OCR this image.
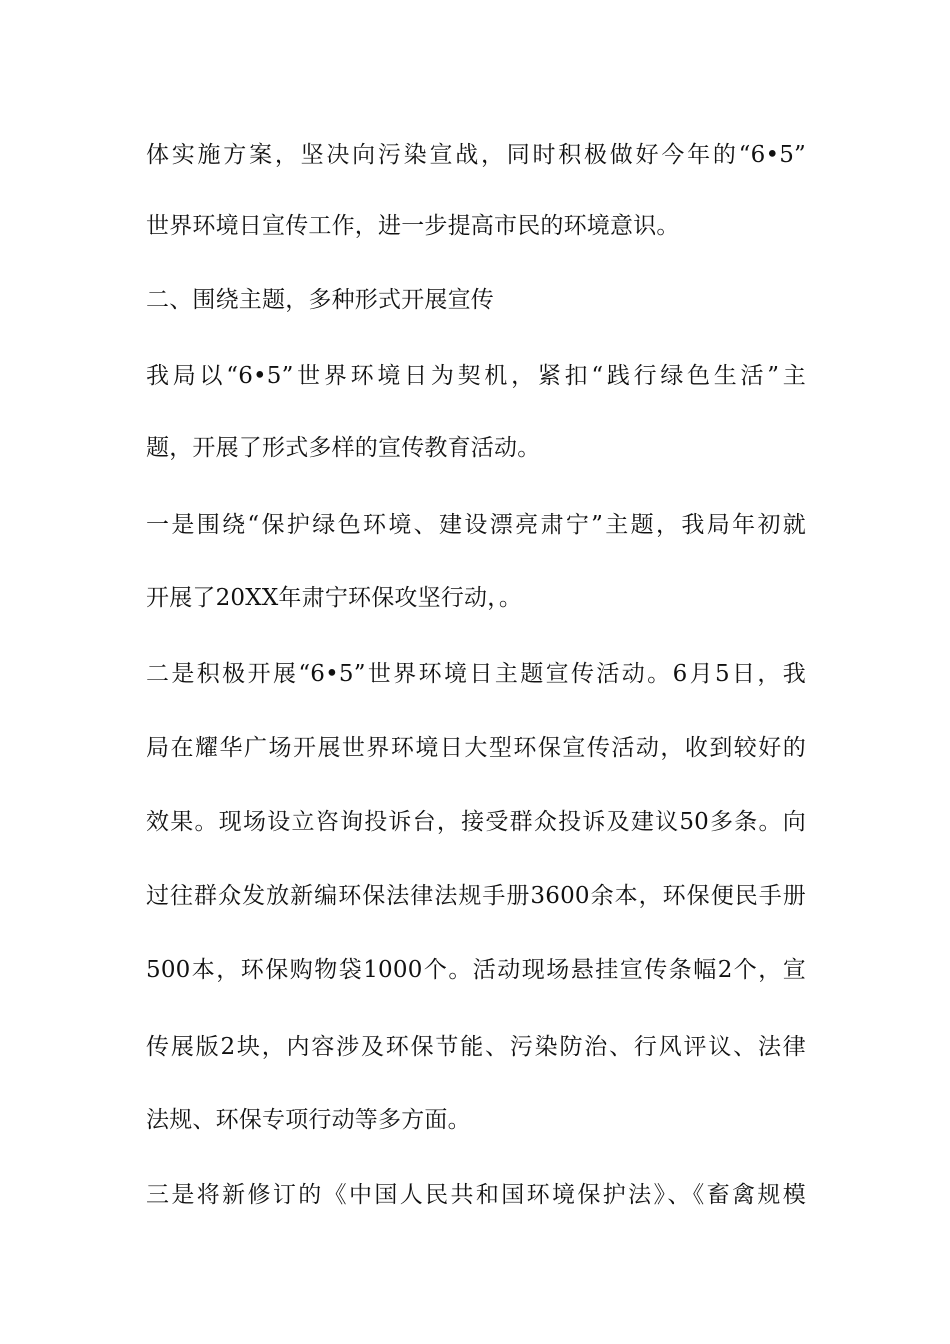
体实施方案，坚决向污染宣战，同时积极做好今年的“6•5”
世界环境日宣传工作，进一步提高市民的环境意识。
二、围绕主题，多种形式开展宣传
我局以“6•5”世界环境日为契机，紧扣“践行绿色生活”主
题，开展了形式多样的宣传教育活动。
一是围绕“保护绿色环境、建设漂亮肃宁”主题，我局年初就
开展了20XX年肃宁环保攻坚行动，。
二是积极开展“6•5”世界环境日主题宣传活动。6月5日，我
局在耀华广场开展世界环境日大型环保宣传活动，收到较好的
效果。现场设立咨询投诉台，接受群众投诉及建议50多条。向
过往群众发放新编环保法律法规手册3600余本，环保便民手册
500本，环保购物袋1000个。活动现场悬挂宣传条幅2个，宣
传展版2块，内容涉及环保节能、污染防治、行风评议、法律
法规、环保专项行动等多方面。
三是将新修订的《中国人民共和国环境保护法》、《畜禽规模
